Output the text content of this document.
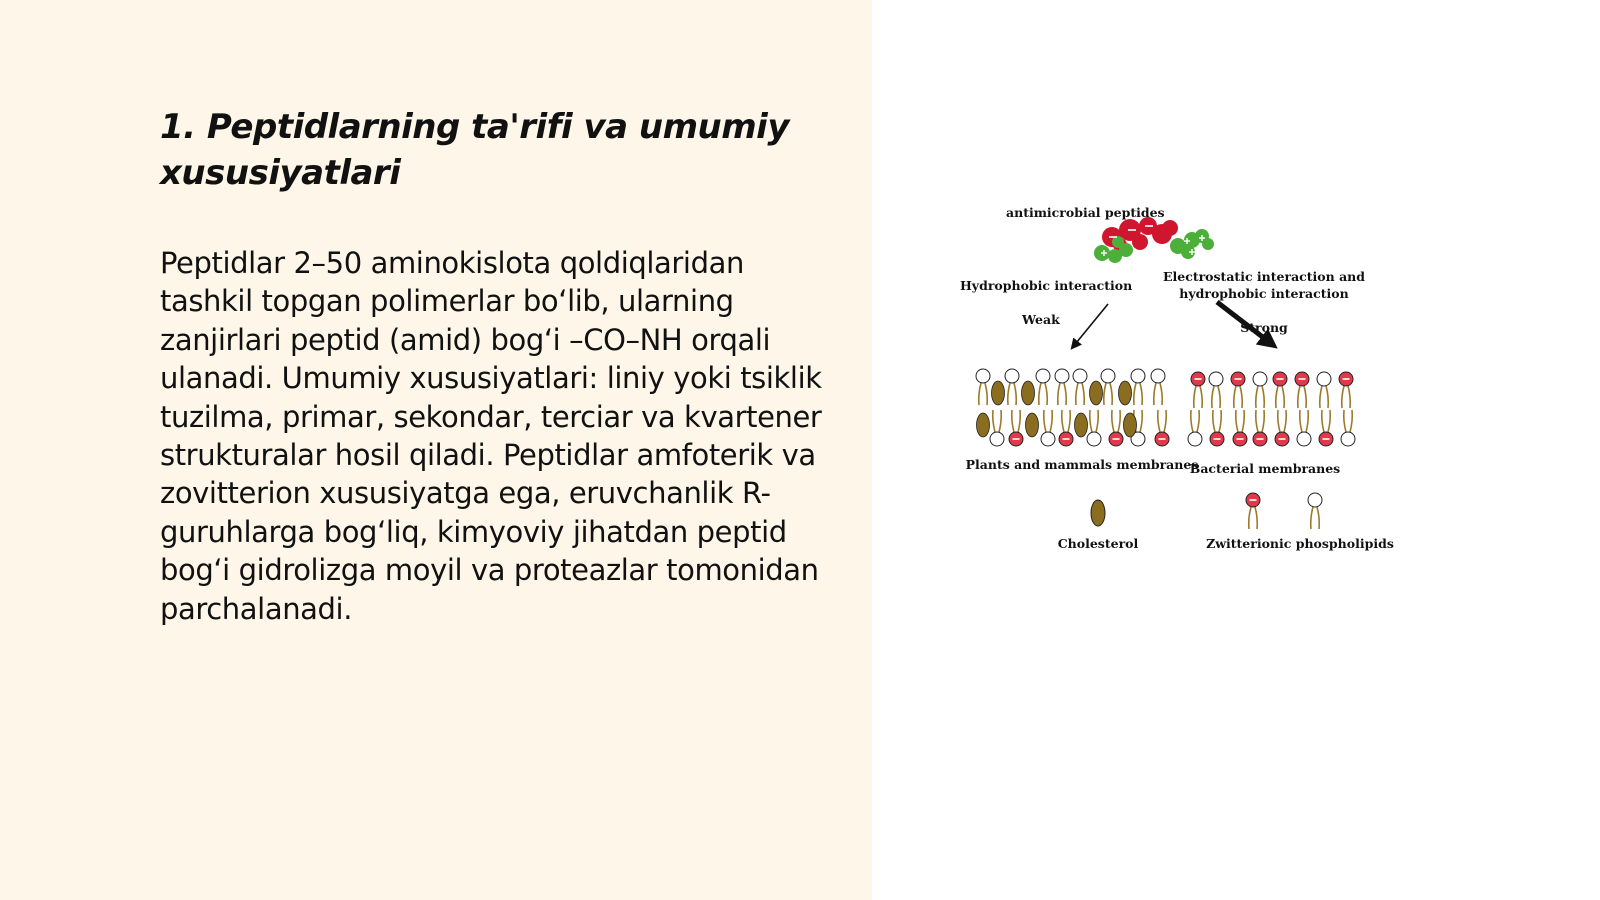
1. Peptidlarning ta'rifi va umumiy xususiyatlari

Peptidlar 2–50 aminokislota qoldiqlaridan tashkil topgan polimerlar bo‘lib, ularning zanjirlari peptid (amid) bog‘i –CO–NH orqali ulanadi. Umumiy xususiyatlari: liniy yoki tsiklik tuzilma, primar, sekondar, terciar va kvartener strukturalar hosil qiladi. Peptidlar amfoterik va zovitterion xususiyatga ega, eruvchanlik R-guruhlarga bog‘liq, kimyoviy jihatdan peptid bog‘i gidrolizga moyil va proteazlar tomonidan parchalanadi.

antimicrobial peptides
Hydrophobic interaction
Weak
Electrostatic interaction and
hydrophobic interaction
Strong
Plants and mammals membranes
Bacterial membranes
Cholesterol	Zwitterionic phospholipids
